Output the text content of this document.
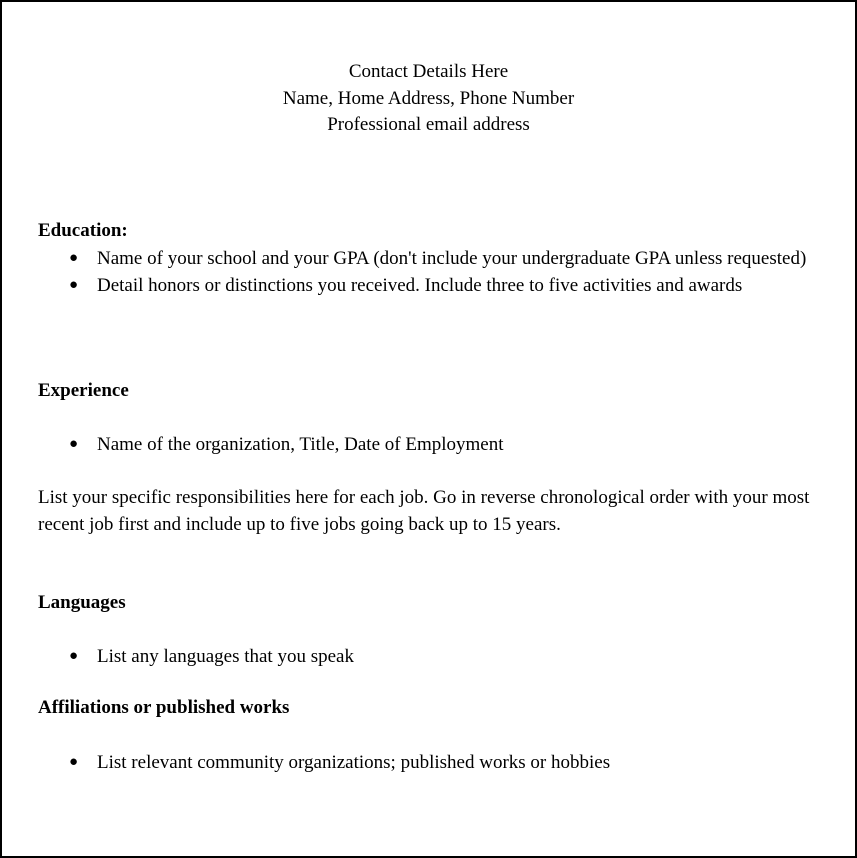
Contact Details Here
Name, Home Address, Phone Number
Professional email address
Education:
● Name of your school and your GPA (don't include your undergraduate GPA unless requested)
● Detail honors or distinctions you received. Include three to five activities and awards
Experience
● Name of the organization, Title, Date of Employment
List your specific responsibilities here for each job. Go in reverse chronological order with your most recent job first and include up to five jobs going back up to 15 years.
Languages
● List any languages that you speak
Affiliations or published works
● List relevant community organizations; published works or hobbies
